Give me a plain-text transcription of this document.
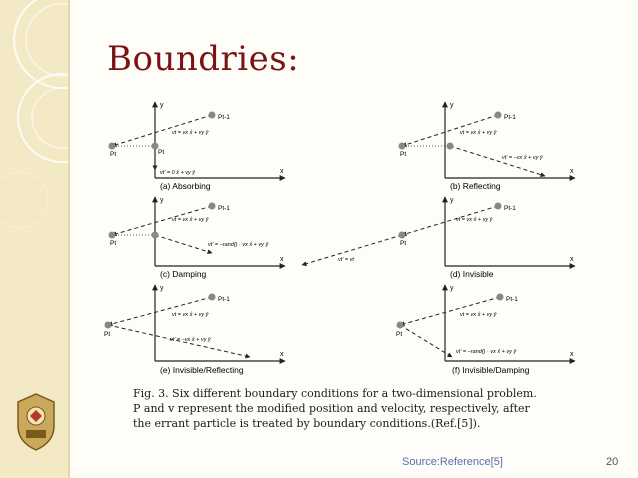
Boundries:
y
x
Pt-1
Pt	Pt
vt = vx x̂ + vy ŷ
vt' = 0 x̂ + vy ŷ
(a) Absorbing
y
x
Pt-1
Pt
vt = vx x̂ + vy ŷ
vt' = −vx x̂ + vy ŷ
(b) Reflecting
y
x
Pt-1
Pt
vt = vx x̂ + vy ŷ
vt' = −rand() · vx x̂ + vy ŷ
(c) Damping
y
x
Pt-1
Pt
vt = vx x̂ + vy ŷ
vt' = vt
(d) Invisible
y
x
Pt-1
Pt
vt = vx x̂ + vy ŷ
vt' = −vx x̂ + vy ŷ
(e) Invisible/Reflecting
y
x
Pt-1
Pt
vt = vx x̂ + vy ŷ
vt' = −rand() · vx x̂ + vy ŷ
(f) Invisible/Damping
Fig. 3. Six different boundary conditions for a two-dimensional problem.
P and v represent the modified position and velocity, respectively, after
the errant particle is treated by boundary conditions.(Ref.[5]).
Source:Reference[5]	20
